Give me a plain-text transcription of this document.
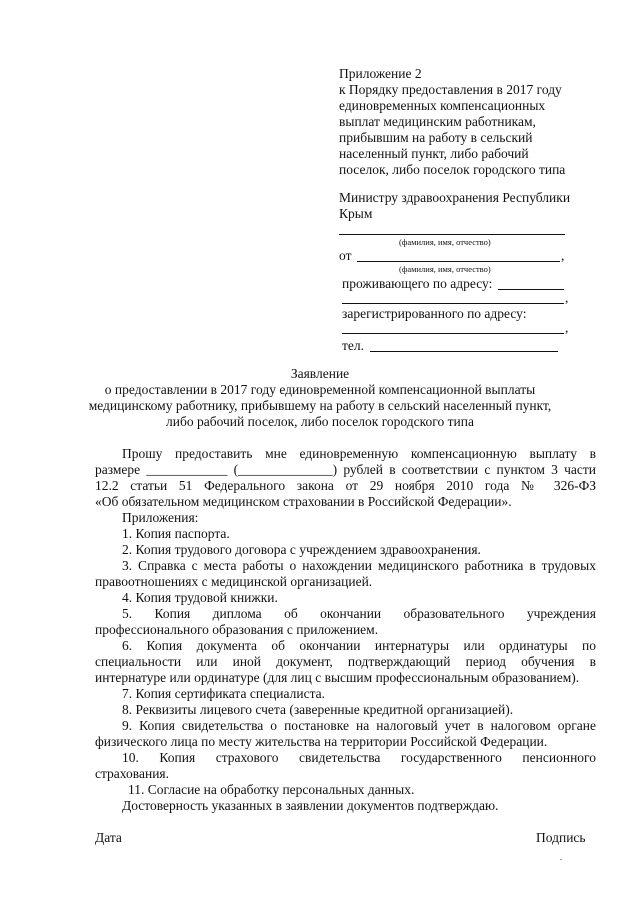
Приложение 2
к Порядку предоставления в 2017 году
единовременных компенсационных
выплат медицинским работникам,
прибывшим на работу в сельский
населенный пункт, либо рабочий
поселок, либо поселок городского типа
Министру здравоохранения Республики
Крым
(фамилия, имя, отчество)
от	,
(фамилия, имя, отчество)
проживающего по адресу:
,
зарегистрированного по адресу:
,
тел.
Заявление
о предоставлении в 2017 году единовременной компенсационной выплаты
медицинскому работнику, прибывшему на работу в сельский населенный пункт,
либо рабочий поселок, либо поселок городского типа
Прошу предоставить мне единовременную компенсационную выплату в
размере ____________ (______________) рублей в соответствии с пунктом 3 части
12.2 статьи 51 Федерального закона от 29 ноября 2010 года № 326-ФЗ
«Об обязательном медицинском страховании в Российской Федерации».
Приложения:
1. Копия паспорта.
2. Копия трудового договора с учреждением здравоохранения.
3. Справка с места работы о нахождении медицинского работника в трудовых
правоотношениях с медицинской организацией.
4. Копия трудовой книжки.
5. Копия диплома об окончании образовательного учреждения
профессионального образования с приложением.
6. Копия документа об окончании интернатуры или ординатуры по
специальности или иной документ, подтверждающий период обучения в
интернатуре или ординатуре (для лиц с высшим профессиональным образованием).
7. Копия сертификата специалиста.
8. Реквизиты лицевого счета (заверенные кредитной организацией).
9. Копия свидетельства о постановке на налоговый учет в налоговом органе
физического лица по месту жительства на территории Российской Федерации.
10. Копия страхового свидетельства государственного пенсионного
страхования.
11. Согласие на обработку персональных данных.
Достоверность указанных в заявлении документов подтверждаю.
Дата	Подпись
